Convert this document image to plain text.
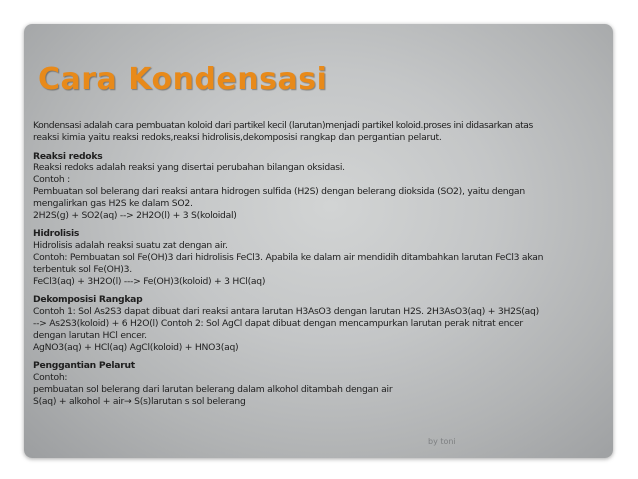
Cara Kondensasi

Kondensasi adalah cara pembuatan koloid dari partikel kecil (larutan)menjadi partikel koloid.proses ini didasarkan atas

reaksi kimia yaitu reaksi redoks,reaksi hidrolisis,dekomposisi rangkap dan pergantian pelarut.

Reaksi redoks

Reaksi redoks adalah reaksi yang disertai perubahan bilangan oksidasi.

Contoh :

Pembuatan sol belerang dari reaksi antara hidrogen sulfida (H2S) dengan belerang dioksida (SO2), yaitu dengan

mengalirkan gas H2S ke dalam SO2.

2H2S(g) + SO2(aq) --> 2H2O(l) + 3 S(koloidal)

Hidrolisis

Hidrolisis adalah reaksi suatu zat dengan air.

Contoh: Pembuatan sol Fe(OH)3 dari hidrolisis FeCl3. Apabila ke dalam air mendidih ditambahkan larutan FeCl3 akan

terbentuk sol Fe(OH)3.

FeCl3(aq) + 3H2O(l) ---> Fe(OH)3(koloid) + 3 HCl(aq)

Dekomposisi Rangkap

Contoh 1: Sol As2S3 dapat dibuat dari reaksi antara larutan H3AsO3 dengan larutan H2S. 2H3AsO3(aq) + 3H2S(aq)

--> As2S3(koloid) + 6 H2O(l) Contoh 2: Sol AgCl dapat dibuat dengan mencampurkan larutan perak nitrat encer

dengan larutan HCl encer.

AgNO3(aq) + HCl(aq) AgCl(koloid) + HNO3(aq)

Penggantian Pelarut

Contoh:

pembuatan sol belerang dari larutan belerang dalam alkohol ditambah dengan air

S(aq) + alkohol + air→ S(s)larutan s sol belerang

by toni
